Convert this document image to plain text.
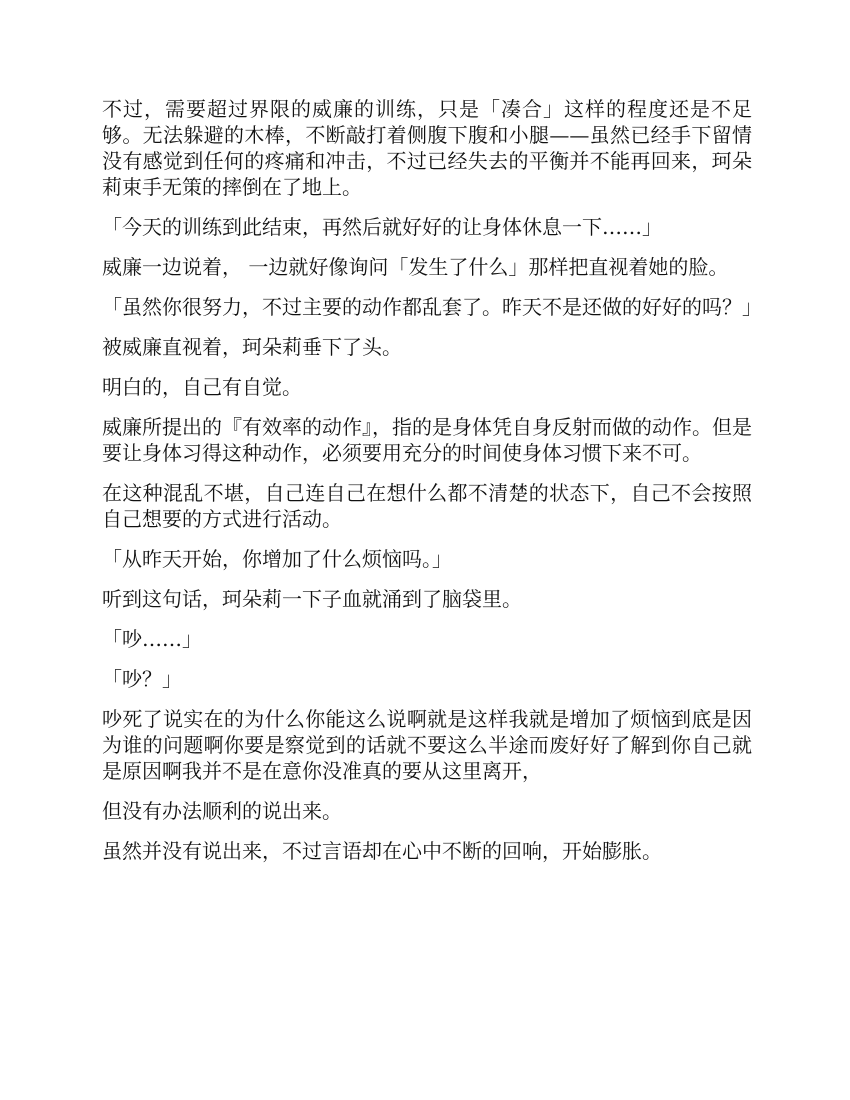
不过，需要超过界限的威廉的训练，只是「凑合」这样的程度还是不足够。无法躲避的木棒，不断敲打着侧腹下腹和小腿——虽然已经手下留情没有感觉到任何的疼痛和冲击，不过已经失去的平衡并不能再回来，珂朵莉束手无策的摔倒在了地上。

「今天的训练到此结束，再然后就好好的让身体休息一下……」

威廉一边说着， 一边就好像询问「发生了什么」那样把直视着她的脸。

「虽然你很努力，不过主要的动作都乱套了。昨天不是还做的好好的吗？」

被威廉直视着，珂朵莉垂下了头。

明白的，自己有自觉。

威廉所提出的『有效率的动作』，指的是身体凭自身反射而做的动作。但是要让身体习得这种动作，必须要用充分的时间使身体习惯下来不可。

在这种混乱不堪，自己连自己在想什么都不清楚的状态下，自己不会按照自己想要的方式进行活动。

「从昨天开始，你增加了什么烦恼吗。」

听到这句话，珂朵莉一下子血就涌到了脑袋里。

「吵……」

「吵？」

吵死了说实在的为什么你能这么说啊就是这样我就是增加了烦恼到底是因为谁的问题啊你要是察觉到的话就不要这么半途而废好好了解到你自己就是原因啊我并不是在意你没准真的要从这里离开，

但没有办法顺利的说出来。

虽然并没有说出来，不过言语却在心中不断的回响，开始膨胀。
